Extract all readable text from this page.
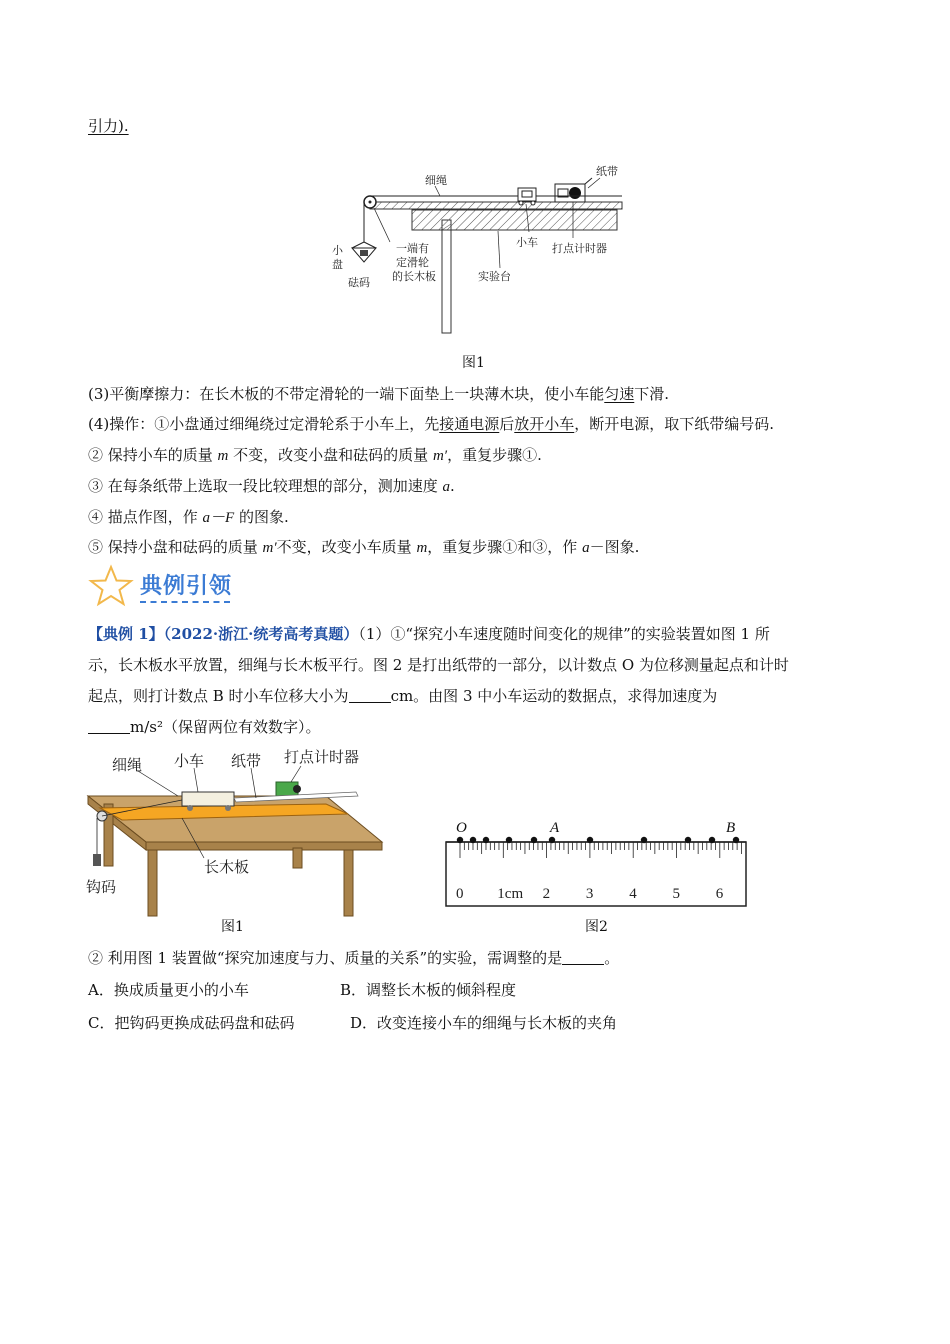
引力).
细绳
纸带
小
盘
砝码
一端有
定滑轮
的长木板
小车 打点计时器
实验台
图1
(3)平衡摩擦力：在长木板的不带定滑轮的一端下面垫上一块薄木块，使小车能匀速下滑.
(4)操作：①小盘通过细绳绕过定滑轮系于小车上，先接通电源后放开小车，断开电源，取下纸带编号码.
② 保持小车的质量 m 不变，改变小盘和砝码的质量 m′，重复步骤①.
③ 在每条纸带上选取一段比较理想的部分，测加速度 a.
④ 描点作图，作 a－F 的图象.
⑤ 保持小盘和砝码的质量 m′不变，改变小车质量 m，重复步骤①和③，作 a－图象.
典例引领
【典例 1】（2022·浙江·统考高考真题）（1）①“探究小车速度随时间变化的规律”的实验装置如图 1 所
示，长木板水平放置，细绳与长木板平行。图 2 是打出纸带的一部分，以计数点 O 为位移测量起点和计时
起点，则打计数点 B 时小车位移大小为	cm。由图 3 中小车运动的数据点，求得加速度为
m/s²（保留两位有效数字）。
细绳 小车 纸带 打点计时器
长木板
钩码
图1
0 1cm 2 3 4 5 6
O	A	B
图2
② 利用图 1 装置做“探究加速度与力、质量的关系”的实验，需调整的是	。
A．换成质量更小的小车	B．调整长木板的倾斜程度
C．把钩码更换成砝码盘和砝码	D．改变连接小车的细绳与长木板的夹角
